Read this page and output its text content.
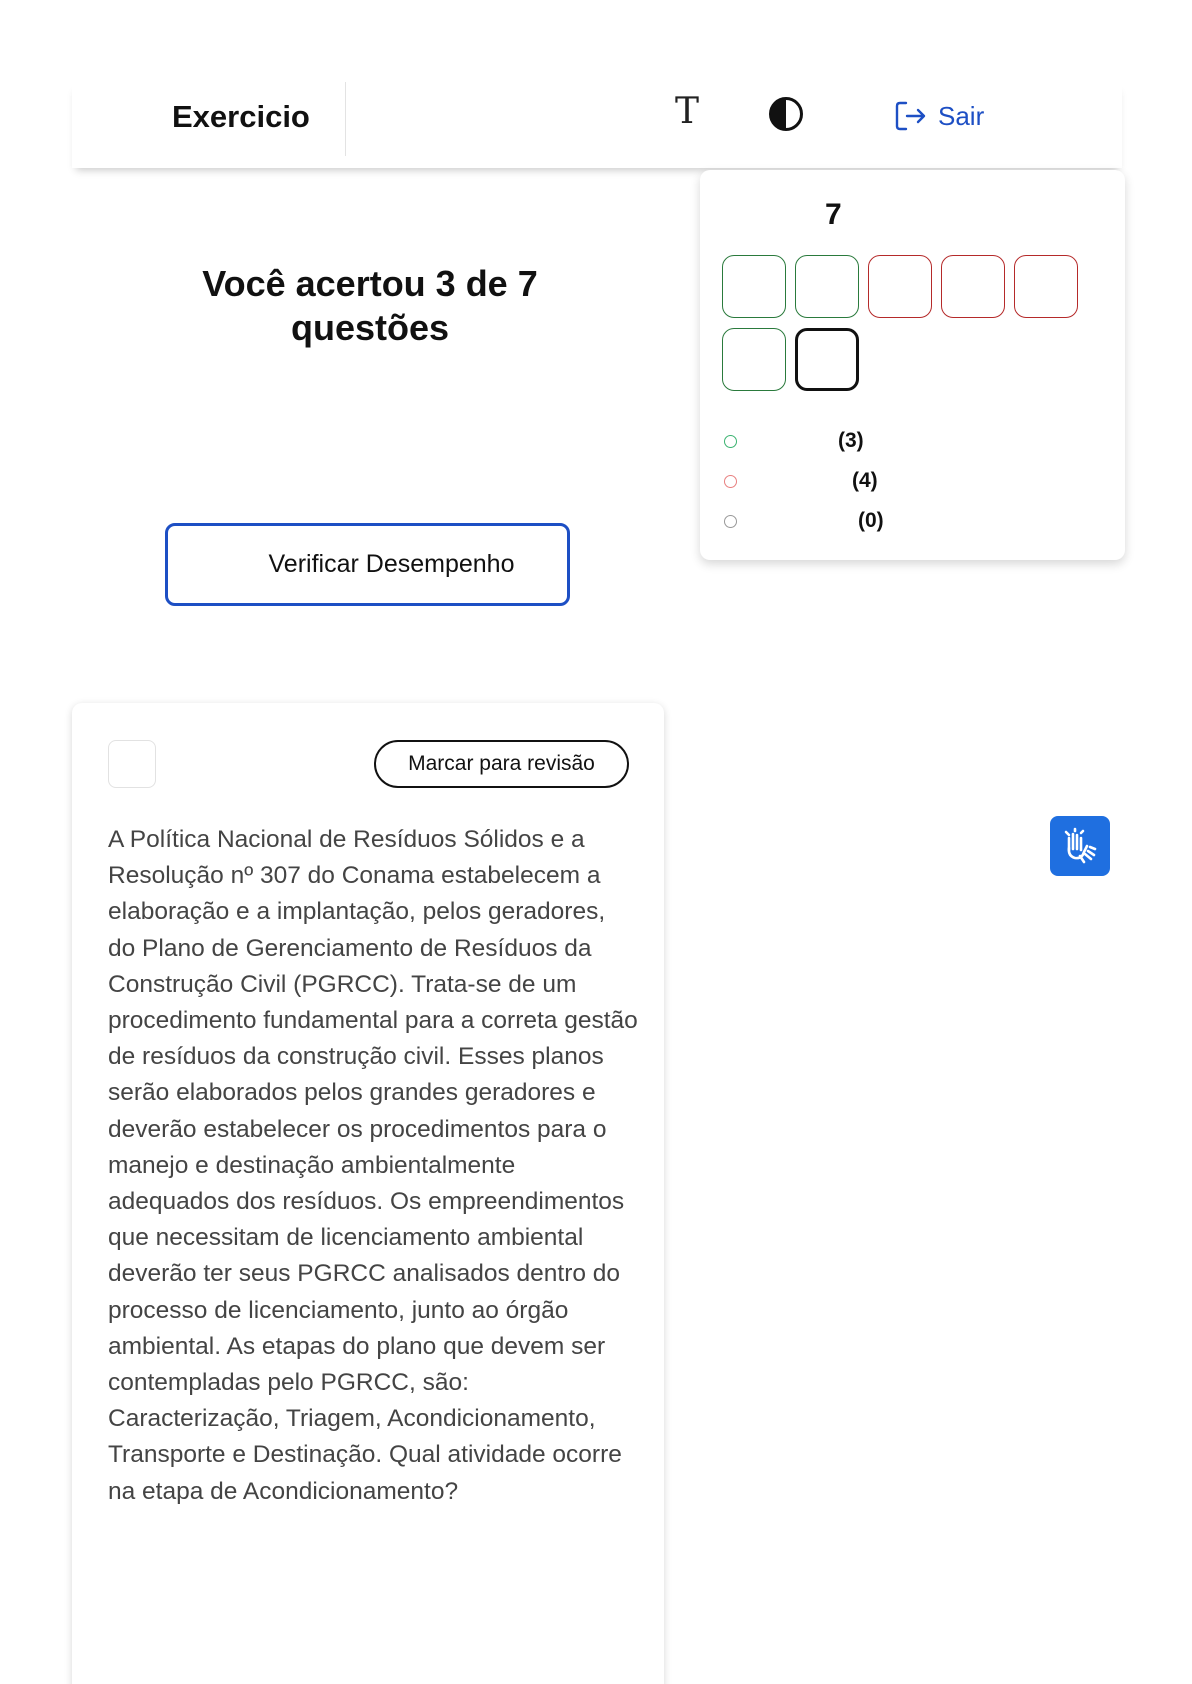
Exercicio	T	Sair
Você acertou 3 de 7 questões
Verificar Desempenho
7
(3)
(4)
(0)
Marcar para revisão
A Política Nacional de Resíduos Sólidos e a Resolução nº 307 do Conama estabelecem a elaboração e a implantação, pelos geradores, do Plano de Gerenciamento de Resíduos da Construção Civil (PGRCC). Trata-se de um procedimento fundamental para a correta gestão de resíduos da construção civil. Esses planos serão elaborados pelos grandes geradores e deverão estabelecer os procedimentos para o manejo e destinação ambientalmente adequados dos resíduos. Os empreendimentos que necessitam de licenciamento ambiental deverão ter seus PGRCC analisados dentro do processo de licenciamento, junto ao órgão ambiental. As etapas do plano que devem ser contempladas pelo PGRCC, são: Caracterização, Triagem, Acondicionamento, Transporte e Destinação. Qual atividade ocorre na etapa de Acondicionamento?
